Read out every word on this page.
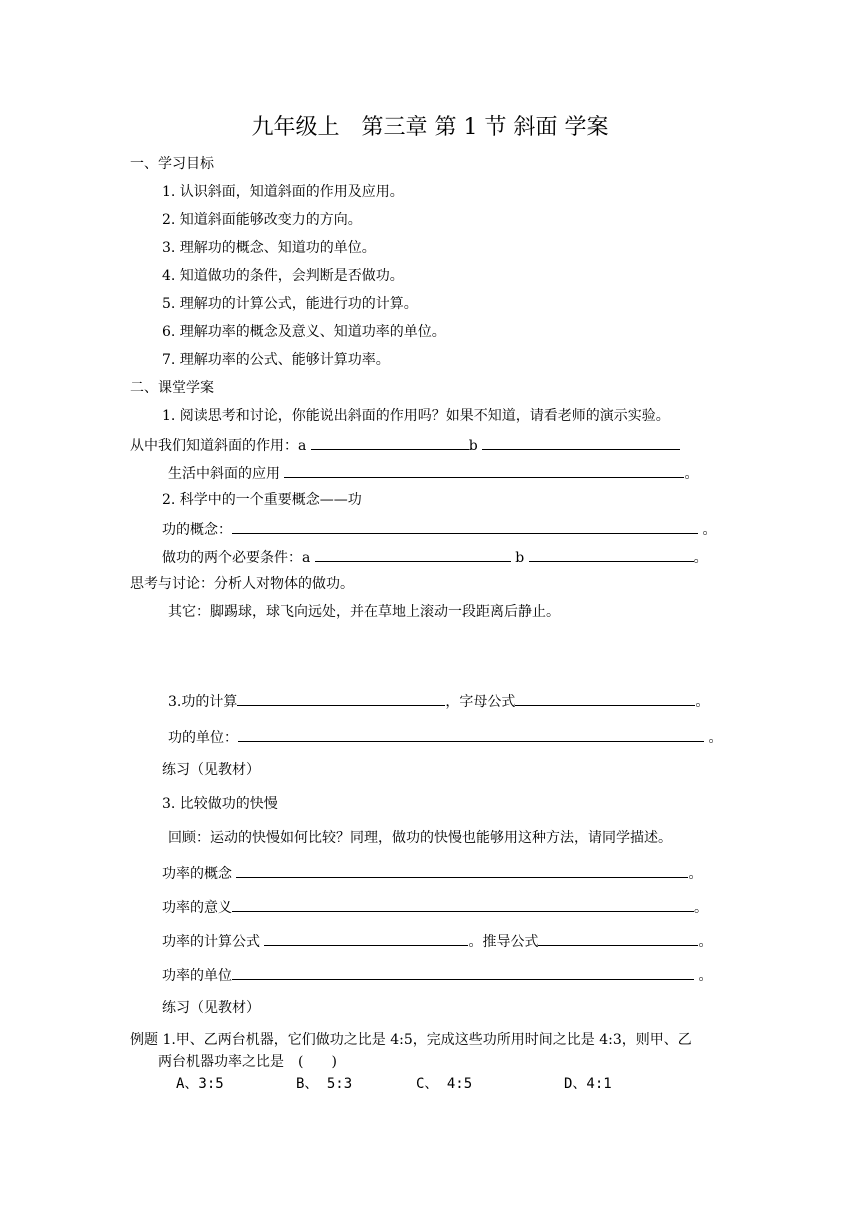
九年级上　第三章 第 1 节 斜面 学案
一、学习目标
1. 认识斜面，知道斜面的作用及应用。
2. 知道斜面能够改变力的方向。
3. 理解功的概念、知道功的单位。
4. 知道做功的条件，会判断是否做功。
5. 理解功的计算公式，能进行功的计算。
6. 理解功率的概念及意义、知道功率的单位。
7. 理解功率的公式、能够计算功率。
二、课堂学案
1. 阅读思考和讨论，你能说出斜面的作用吗？如果不知道，请看老师的演示实验。
从中我们知道斜面的作用：a	b
生活中斜面的应用	。
2. 科学中的一个重要概念——功
功的概念：	。
做功的两个必要条件：a	b	。
思考与讨论：分析人对物体的做功。
其它：脚踢球，球飞向远处，并在草地上滚动一段距离后静止。
3.功的计算	，字母公式	。
功的单位：	。
练习（见教材）
3. 比较做功的快慢
回顾：运动的快慢如何比较？同理，做功的快慢也能够用这种方法，请同学描述。
功率的概念	。
功率的意义	。
功率的计算公式	。推导公式	。
功率的单位	。
练习（见教材）
例题 1.甲、乙两台机器，它们做功之比是 4:5，完成这些功所用时间之比是 4:3，则甲、乙
两台机器功率之比是　(　　)
A、3:5	B、 5:3	C、 4:5	D、4:1
